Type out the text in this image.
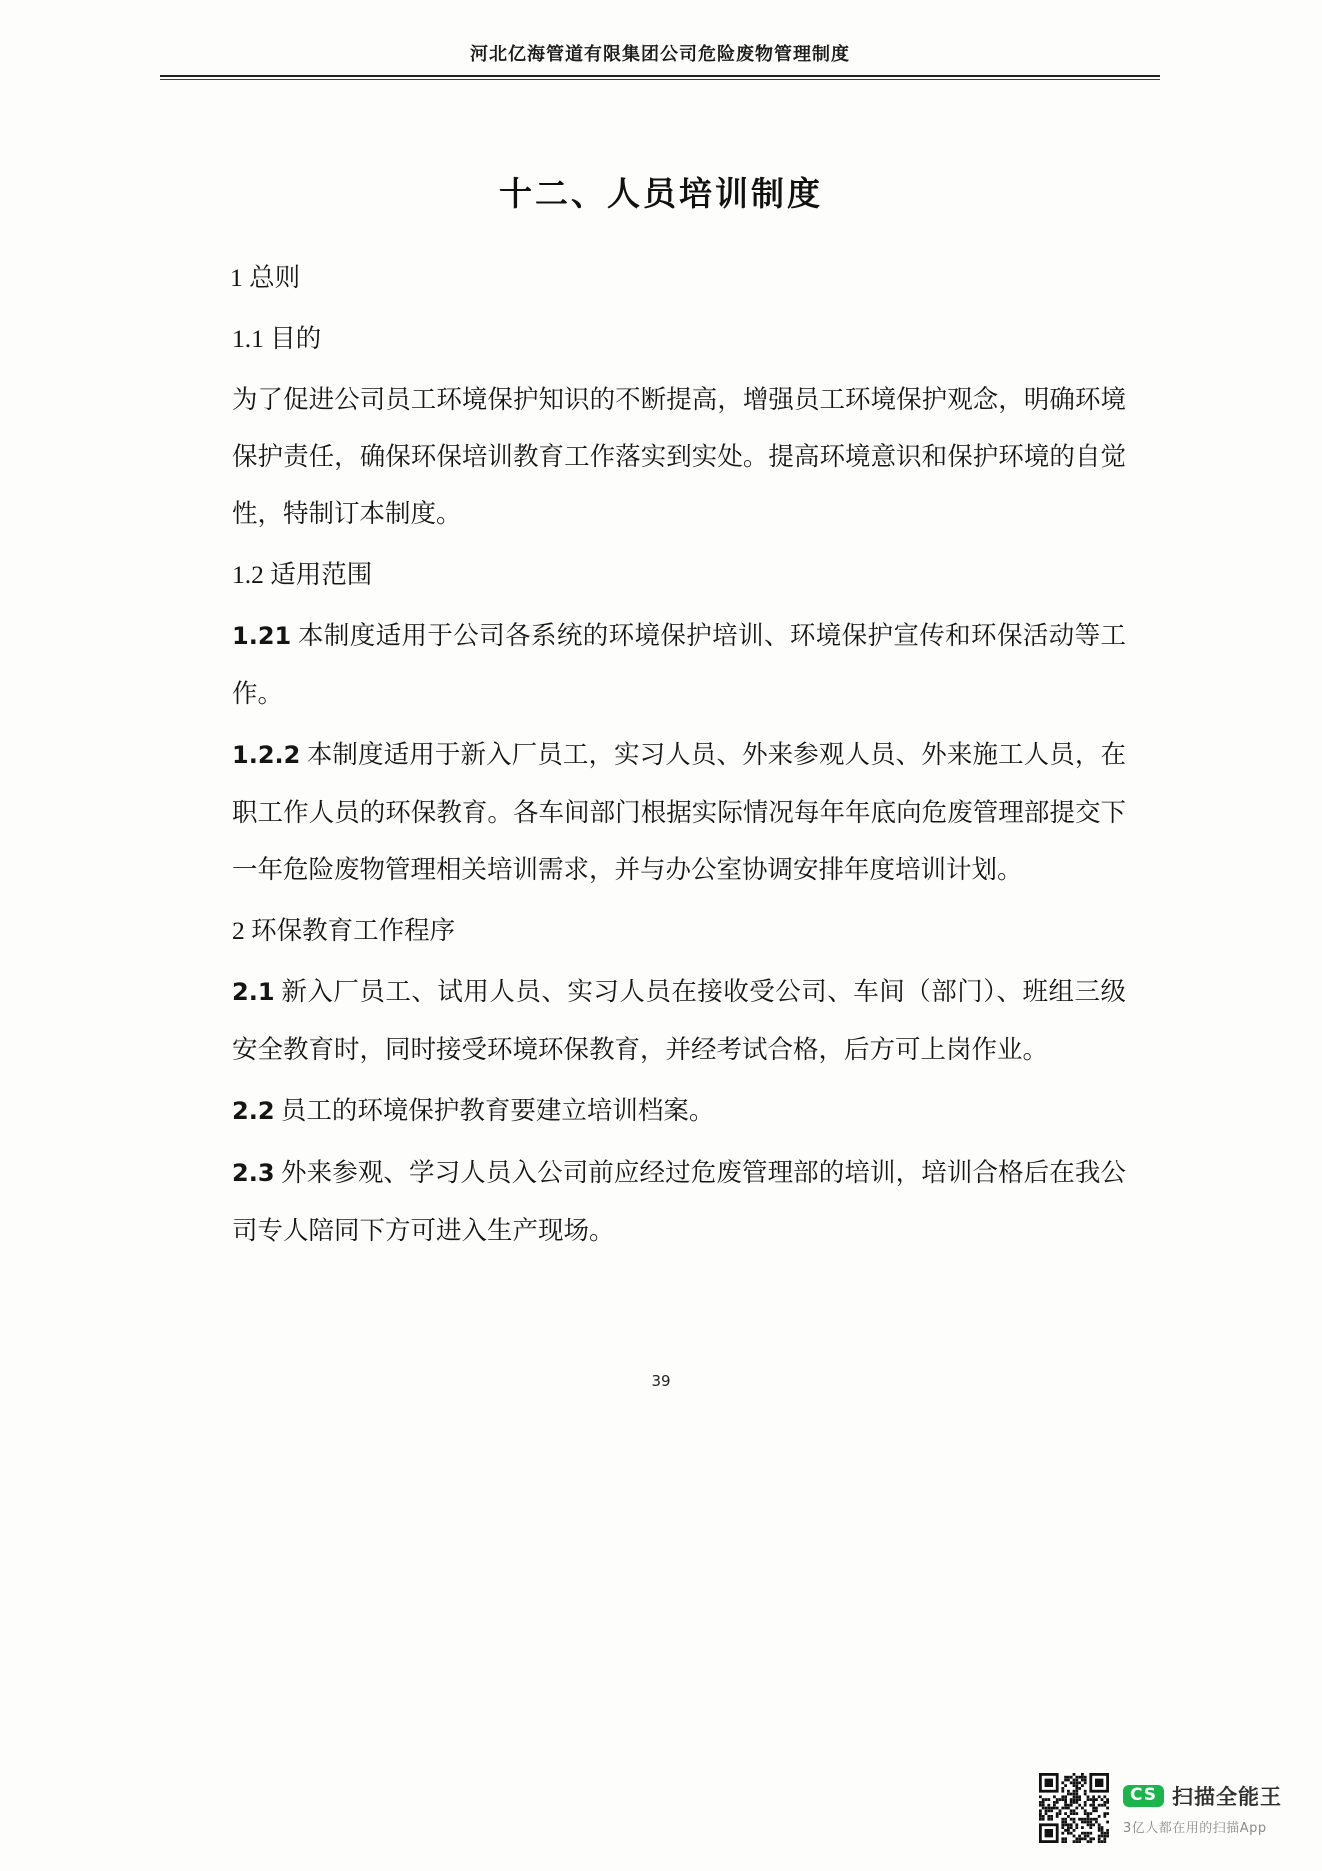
河北亿海管道有限集团公司危险废物管理制度
十二、人员培训制度

1 总则

1.1 目的

为了促进公司员工环境保护知识的不断提高，增强员工环境保护观念，明确环境保护责任，确保环保培训教育工作落实到实处。提高环境意识和保护环境的自觉性，特制订本制度。

1.2 适用范围

1.21 本制度适用于公司各系统的环境保护培训、环境保护宣传和环保活动等工作。

1.2.2 本制度适用于新入厂员工，实习人员、外来参观人员、外来施工人员，在职工作人员的环保教育。各车间部门根据实际情况每年年底向危废管理部提交下一年危险废物管理相关培训需求，并与办公室协调安排年度培训计划。

2 环保教育工作程序

2.1 新入厂员工、试用人员、实习人员在接收受公司、车间（部门）、班组三级安全教育时，同时接受环境环保教育，并经考试合格，后方可上岗作业。

2.2 员工的环境保护教育要建立培训档案。

2.3 外来参观、学习人员入公司前应经过危废管理部的培训，培训合格后在我公司专人陪同下方可进入生产现场。

39
CS 扫描全能王
3亿人都在用的扫描App
